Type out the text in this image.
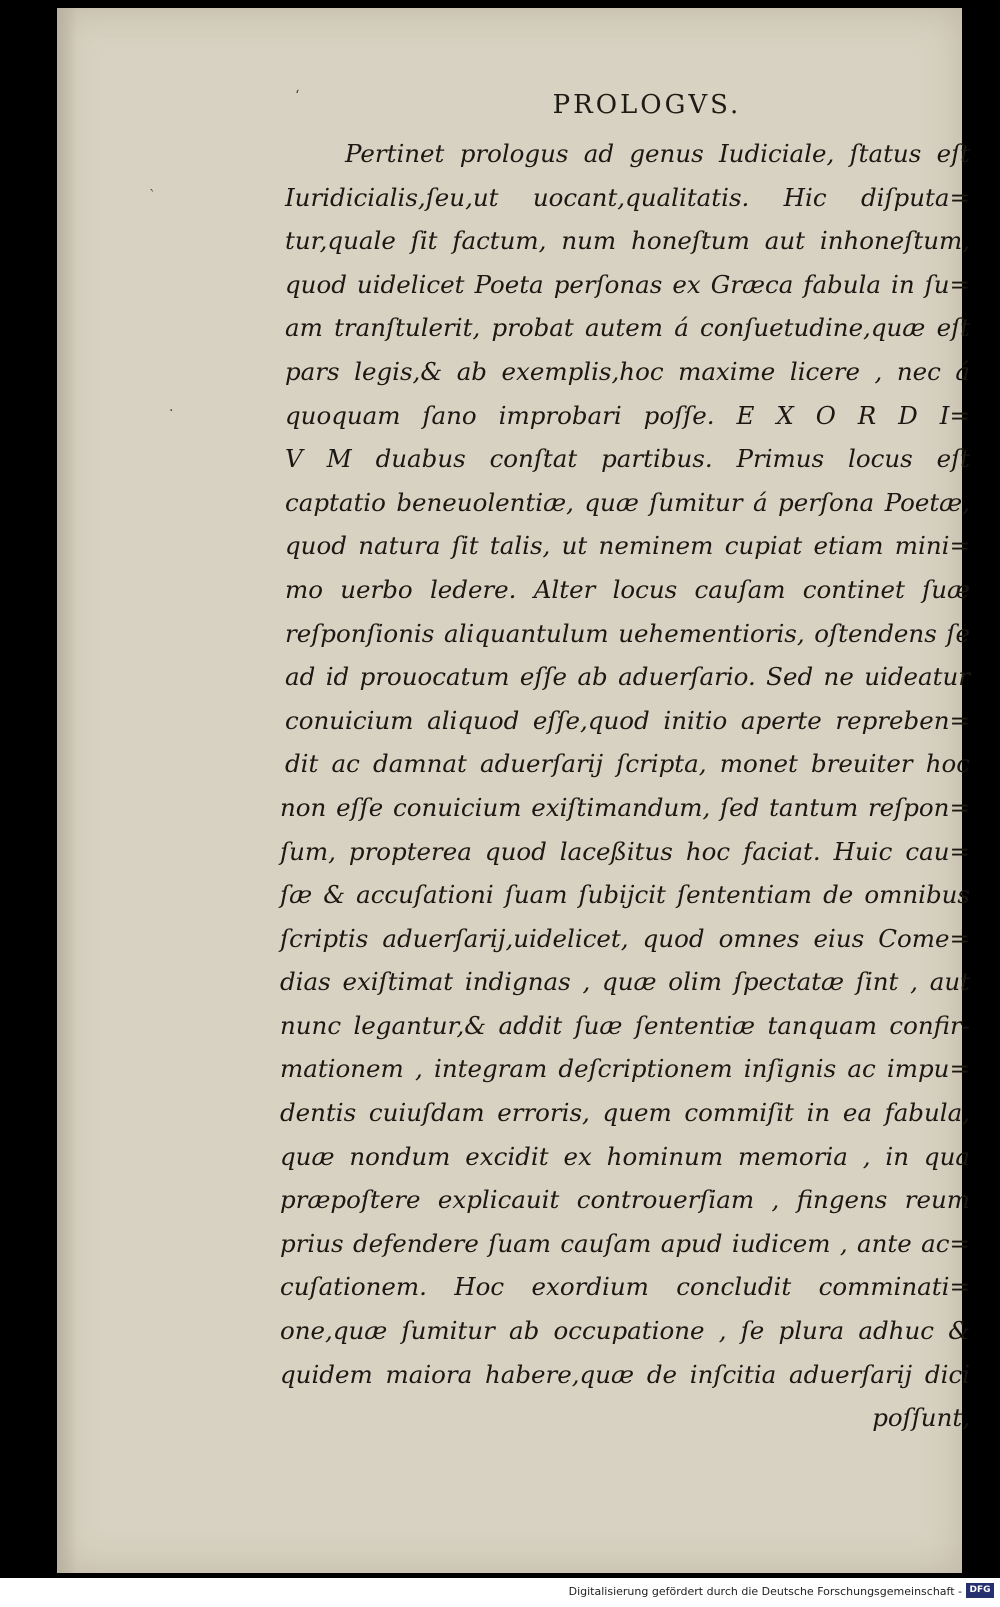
‘
`
·
PROLOGVS.
Pertinet prologus ad genus Iudiciale, ſtatus eſt
Iuridicialis,ſeu,ut uocant,qualitatis. Hic diſputa=
tur,quale ſit factum, num honeſtum aut inhoneſtum,
quod uidelicet Poeta perſonas ex Græca fabula in ſu=
am tranſtulerit, probat autem á conſuetudine,quæ eſt
pars legis,& ab exemplis,hoc maxime licere , nec á
quoquam ſano improbari poſſe. E X O R D I=
V M duabus conſtat partibus. Primus locus eſt
captatio beneuolentiæ, quæ ſumitur á perſona Poetæ,
quod natura ſit talis, ut neminem cupiat etiam mini=
mo uerbo ledere. Alter locus cauſam continet ſuæ
reſponſionis aliquantulum uehementioris, oſtendens ſe
ad id prouocatum eſſe ab aduerſario. Sed ne uideatur
conuicium aliquod eſſe,quod initio aperte repreben=
dit ac damnat aduerſarij ſcripta, monet breuiter hoc
non eſſe conuicium exiſtimandum, ſed tantum reſpon=
ſum, propterea quod laceßitus hoc faciat. Huic cau=
ſæ & accuſationi ſuam ſubijcit ſententiam de omnibus
ſcriptis aduerſarij,uidelicet, quod omnes eius Come=
dias exiſtimat indignas , quæ olim ſpectatæ ſint , aut
nunc legantur,& addit ſuæ ſententiæ tanquam confir-
mationem , integram deſcriptionem inſignis ac impu=
dentis cuiuſdam erroris, quem commiſit in ea fabula,
quæ nondum excidit ex hominum memoria , in qua
præpoſtere explicauit controuerſiam , fingens reum
prius defendere ſuam cauſam apud iudicem , ante ac=
cuſationem. Hoc exordium concludit comminati=
one,quæ ſumitur ab occupatione , ſe plura adhuc &
quidem maiora habere,quæ de inſcitia aduerſarij dici
poſſunt,
Digitalisierung gefördert durch die Deutsche Forschungsgemeinschaft - DFG
